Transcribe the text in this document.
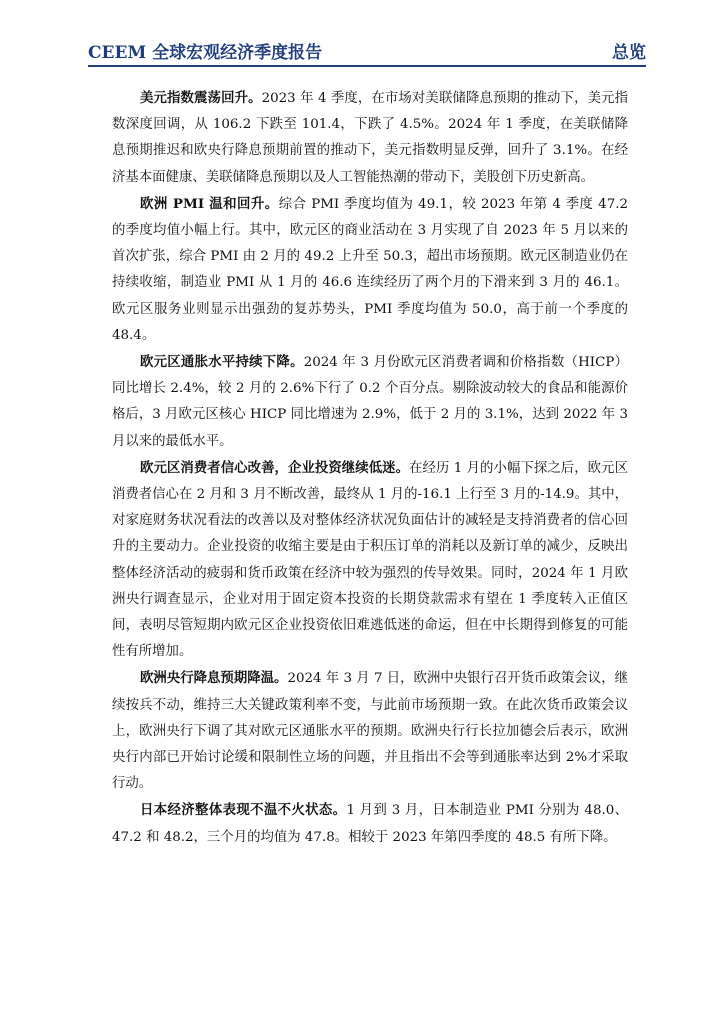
CEEM 全球宏观经济季度报告	总览

美元指数震荡回升。2023 年 4 季度，在市场对美联储降息预期的推动下，美元指数深度回调，从 106.2 下跌至 101.4，下跌了 4.5%。2024 年 1 季度，在美联储降息预期推迟和欧央行降息预期前置的推动下，美元指数明显反弹，回升了 3.1%。在经济基本面健康、美联储降息预期以及人工智能热潮的带动下，美股创下历史新高。

欧洲 PMI 温和回升。综合 PMI 季度均值为 49.1，较 2023 年第 4 季度 47.2 的季度均值小幅上行。其中，欧元区的商业活动在 3 月实现了自 2023 年 5 月以来的首次扩张，综合 PMI 由 2 月的 49.2 上升至 50.3，超出市场预期。欧元区制造业仍在持续收缩，制造业 PMI 从 1 月的 46.6 连续经历了两个月的下滑来到 3 月的 46.1。欧元区服务业则显示出强劲的复苏势头，PMI 季度均值为 50.0，高于前一个季度的 48.4。

欧元区通胀水平持续下降。2024 年 3 月份欧元区消费者调和价格指数（HICP）同比增长 2.4%，较 2 月的 2.6%下行了 0.2 个百分点。剔除波动较大的食品和能源价格后，3 月欧元区核心 HICP 同比增速为 2.9%，低于 2 月的 3.1%，达到 2022 年 3 月以来的最低水平。

欧元区消费者信心改善，企业投资继续低迷。在经历 1 月的小幅下探之后，欧元区消费者信心在 2 月和 3 月不断改善，最终从 1 月的-16.1 上行至 3 月的-14.9。其中，对家庭财务状况看法的改善以及对整体经济状况负面估计的减轻是支持消费者的信心回升的主要动力。企业投资的收缩主要是由于积压订单的消耗以及新订单的减少，反映出整体经济活动的疲弱和货币政策在经济中较为强烈的传导效果。同时，2024 年 1 月欧洲央行调查显示，企业对用于固定资本投资的长期贷款需求有望在 1 季度转入正值区间，表明尽管短期内欧元区企业投资依旧难逃低迷的命运，但在中长期得到修复的可能性有所增加。

欧洲央行降息预期降温。2024 年 3 月 7 日，欧洲中央银行召开货币政策会议，继续按兵不动，维持三大关键政策利率不变，与此前市场预期一致。在此次货币政策会议上，欧洲央行下调了其对欧元区通胀水平的预期。欧洲央行行长拉加德会后表示，欧洲央行内部已开始讨论缓和限制性立场的问题，并且指出不会等到通胀率达到 2%才采取行动。

日本经济整体表现不温不火状态。1 月到 3 月，日本制造业 PMI 分别为 48.0、47.2 和 48.2，三个月的均值为 47.8。相较于 2023 年第四季度的 48.5 有所下降。
